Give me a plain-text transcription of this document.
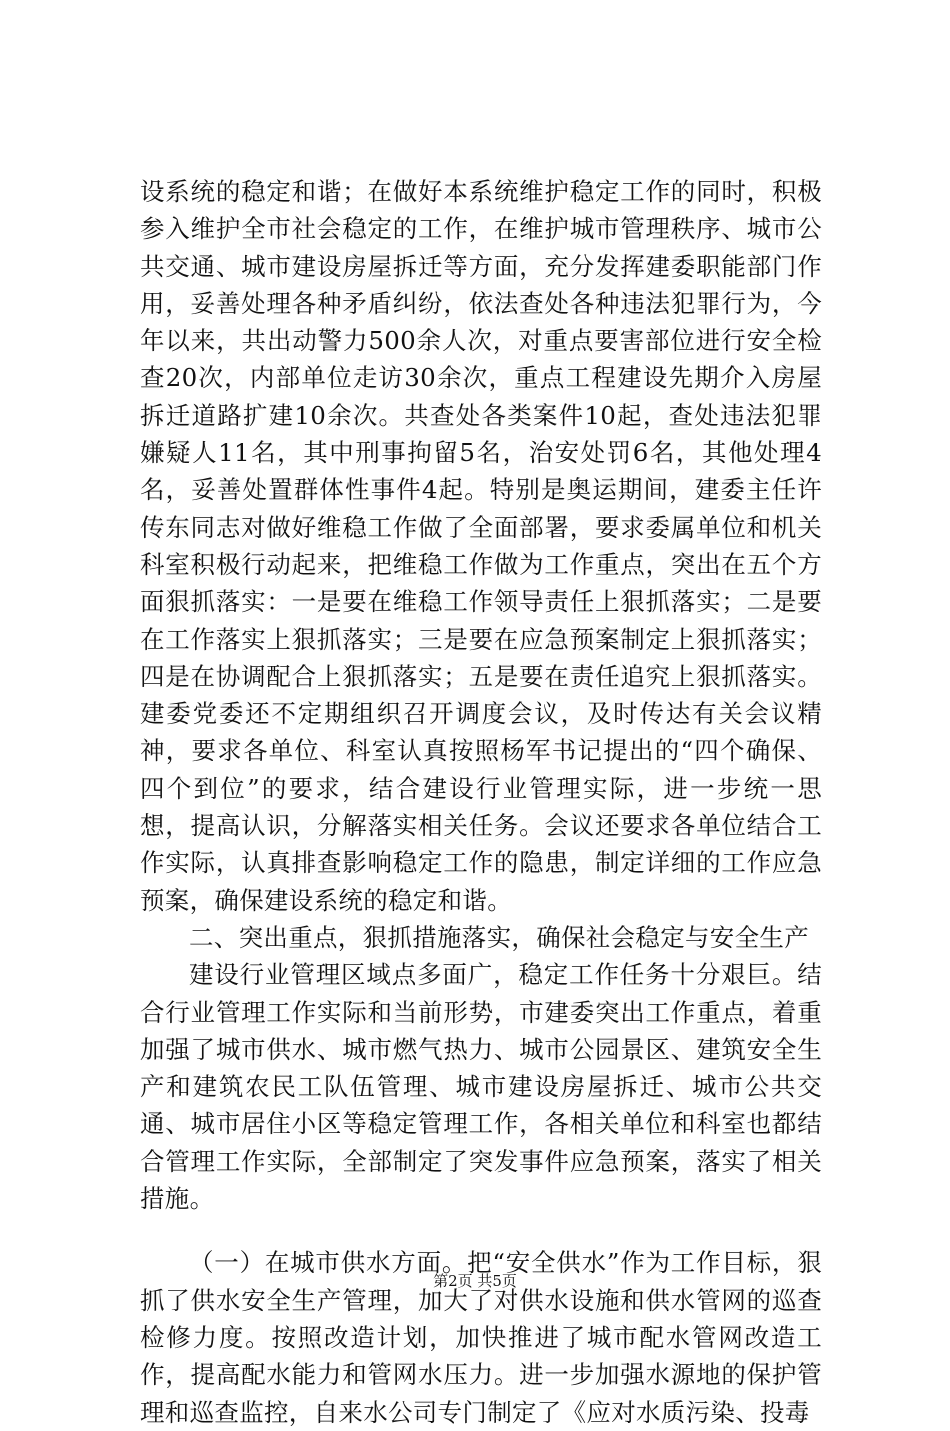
设系统的稳定和谐；在做好本系统维护稳定工作的同时，积极参入维护全市社会稳定的工作，在维护城市管理秩序、城市公共交通、城市建设房屋拆迁等方面，充分发挥建委职能部门作用，妥善处理各种矛盾纠纷，依法查处各种违法犯罪行为，今年以来，共出动警力500余人次，对重点要害部位进行安全检查20次，内部单位走访30余次，重点工程建设先期介入房屋拆迁道路扩建10余次。共查处各类案件10起，查处违法犯罪嫌疑人11名，其中刑事拘留5名，治安处罚6名，其他处理4名，妥善处置群体性事件4起。特别是奥运期间，建委主任许传东同志对做好维稳工作做了全面部署，要求委属单位和机关科室积极行动起来，把维稳工作做为工作重点，突出在五个方面狠抓落实：一是要在维稳工作领导责任上狠抓落实；二是要在工作落实上狠抓落实；三是要在应急预案制定上狠抓落实；四是在协调配合上狠抓落实；五是要在责任追究上狠抓落实。建委党委还不定期组织召开调度会议，及时传达有关会议精神，要求各单位、科室认真按照杨军书记提出的“四个确保、四个到位”的要求，结合建设行业管理实际，进一步统一思想，提高认识，分解落实相关任务。会议还要求各单位结合工作实际，认真排查影响稳定工作的隐患，制定详细的工作应急预案，确保建设系统的稳定和谐。

二、突出重点，狠抓措施落实，确保社会稳定与安全生产

建设行业管理区域点多面广，稳定工作任务十分艰巨。结合行业管理工作实际和当前形势，市建委突出工作重点，着重加强了城市供水、城市燃气热力、城市公园景区、建筑安全生产和建筑农民工队伍管理、城市建设房屋拆迁、城市公共交通、城市居住小区等稳定管理工作，各相关单位和科室也都结合管理工作实际，全部制定了突发事件应急预案，落实了相关措施。

（一）在城市供水方面。把“安全供水”作为工作目标，狠抓了供水安全生产管理，加大了对供水设施和供水管网的巡查检修力度。按照改造计划，加快推进了城市配水管网改造工作，提高配水能力和管网水压力。进一步加强水源地的保护管理和巡查监控，自来水公司专门制定了《应对水质污染、投毒

第2页 共5页
